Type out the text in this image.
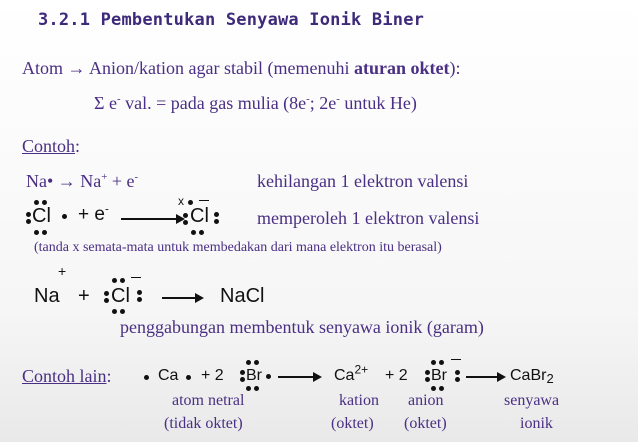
3.2.1 Pembentukan Senyawa Ionik Biner
Atom → Anion/kation agar stabil (memenuhi aturan oktet):
Σ e- val. = pada gas mulia (8e-; 2e- untuk He)
Contoh:
Na• → Na+ + e-	kehilangan 1 elektron valensi
Cl + e-
x
Cl	memperoleh 1 elektron valensi
(tanda x semata-mata untuk membedakan dari mana elektron itu berasal)
+
Na + Cl → NaCl
penggabungan membentuk senyawa ionik (garam)
Contoh lain:	Ca + 2 $Br \to Ca^{2+} + 2$ Br → CaBr2
atom netral
(tidak oktet)
kation
(oktet)
anion
(oktet)
senyawa
ionik
